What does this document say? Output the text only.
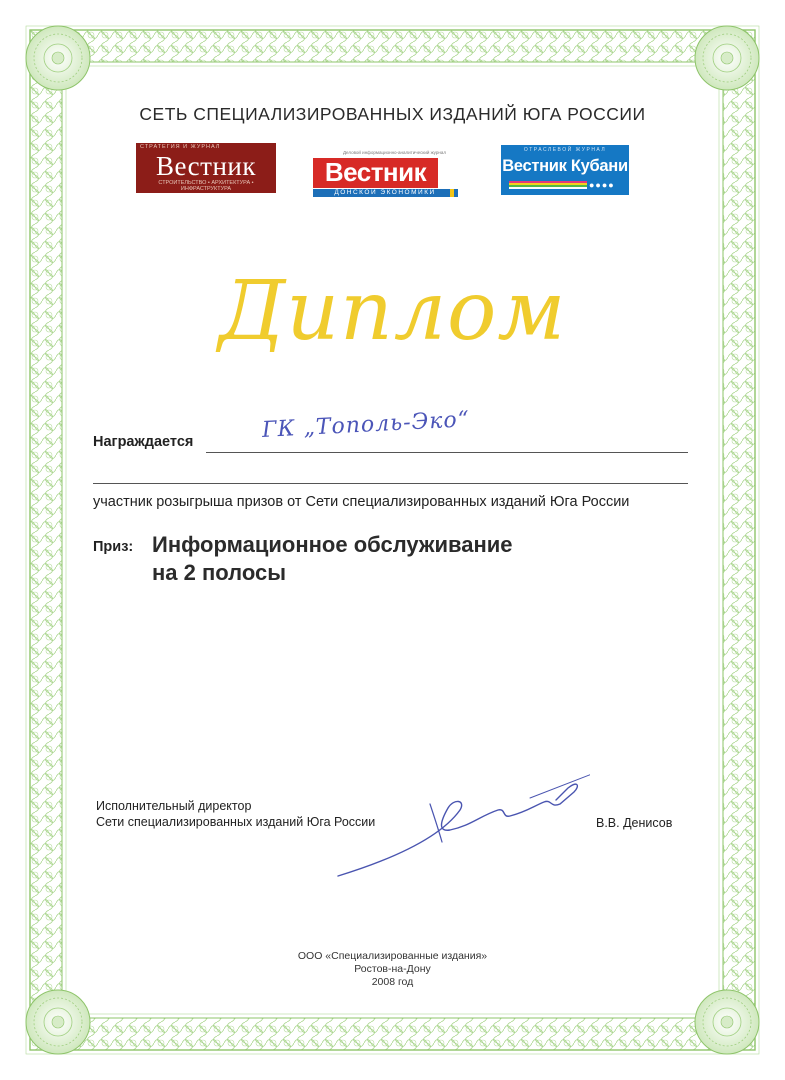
СЕТЬ СПЕЦИАЛИЗИРОВАННЫХ ИЗДАНИЙ ЮГА РОССИИ
СТРАТЕГИЯ И ЖУРНАЛ
Вестник
СТРОИТЕЛЬСТВО • АРХИТЕКТУРА • ИНФРАСТРУКТУРА
Деловой информационно-аналитический журнал
Вестник
ДОНСКОЙ ЭКОНОМИКИ
ОТРАСЛЕВОЙ ЖУРНАЛ
Вестник Кубани
●●●●
Диплом
Награждается	ГК „Тополь-Эко“
участник розыгрыша призов от Сети специализированных изданий Юга России
Приз: Информационное обслуживание
на 2 полосы
Исполнительный директор
Сети специализированных изданий Юга России	В.В. Денисов
ООО «Специализированные издания»
Ростов-на-Дону
2008 год
